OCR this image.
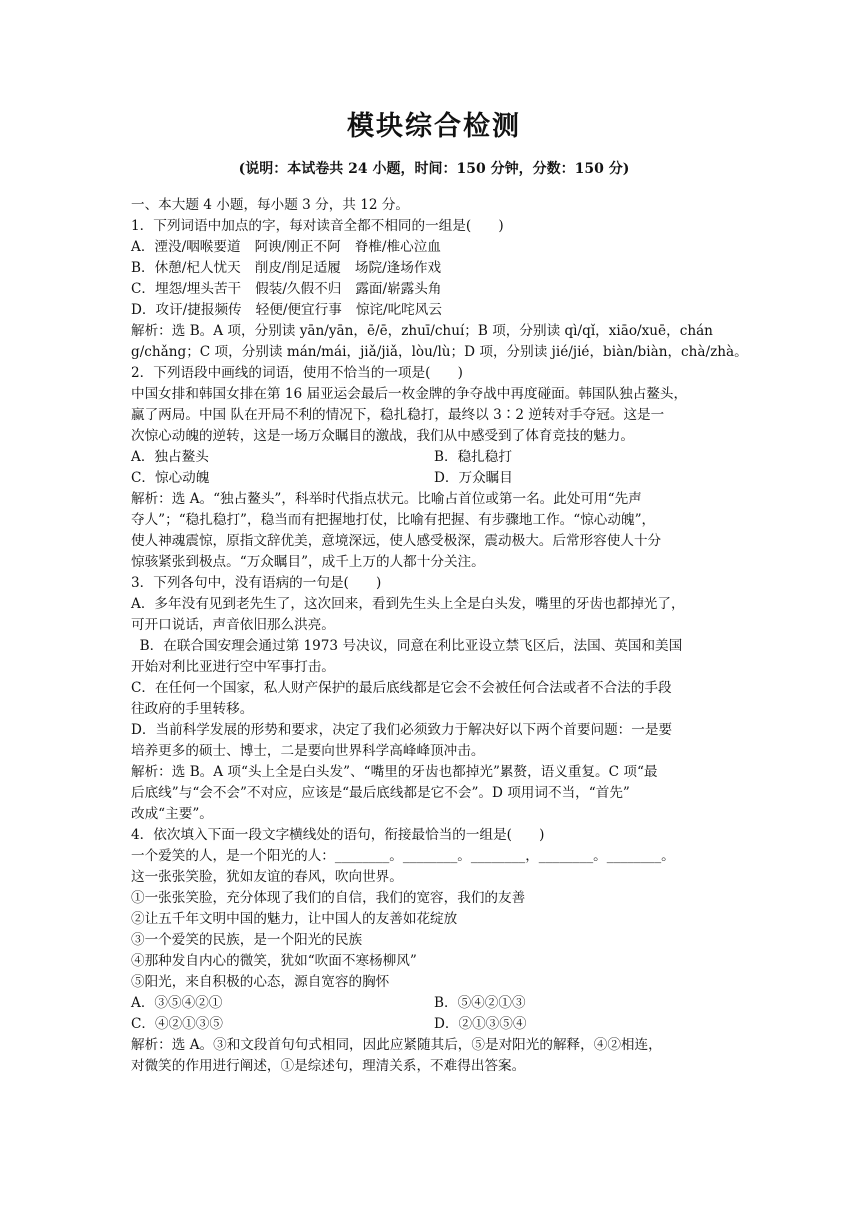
模块综合检测
(说明：本试卷共 24 小题，时间：150 分钟，分数：150 分)
一、本大题 4 小题，每小题 3 分，共 12 分。
1．下列词语中加点的字，每对读音全都不相同的一组是(　　)
A． 湮没/咽喉要道 阿谀/刚正不阿 脊椎/椎心泣血
B． 休憩/杞人忧天 削皮/削足适履 场院/逢场作戏
C． 埋怨/埋头苦干 假装/久假不归 露面/崭露头角
D． 攻讦/捷报频传 轻便/便宜行事 惊诧/叱咤风云
解析：选 B。A 项，分别读 yān/yān，ē/ē，zhuī/chuí；B 项，分别读 qì/qǐ，xiāo/xuē，chán
g/chǎng；C 项，分别读 mán/mái，jiǎ/jiǎ，lòu/lù；D 项，分别读 jié/jié，biàn/biàn，chà/zhà。
2．下列语段中画线的词语，使用不恰当的一项是(　　)
中国女排和韩国女排在第 16 届亚运会最后一枚金牌的争夺战中再度碰面。韩国队独占鳌头，
赢了两局。中国 队在开局不利的情况下，稳扎稳打，最终以 3∶2 逆转对手夺冠。这是一
次惊心动魄的逆转，这是一场万众瞩目的激战，我们从中感受到了体育竞技的魅力。
A．独占鳌头	B．稳扎稳打
C．惊心动魄	D．万众瞩目
解析：选 A。“独占鳌头”，科举时代指点状元。比喻占首位或第一名。此处可用“先声
夺人”；“稳扎稳打”，稳当而有把握地打仗，比喻有把握、有步骤地工作。“惊心动魄”，
使人神魂震惊，原指文辞优美，意境深远，使人感受极深，震动极大。后常形容使人十分
惊骇紧张到极点。“万众瞩目”，成千上万的人都十分关注。
3．下列各句中，没有语病的一句是(　　)
A．多年没有见到老先生了，这次回来，看到先生头上全是白头发，嘴里的牙齿也都掉光了，
可开口说话，声音依旧那么洪亮。
B．在联合国安理会通过第 1973 号决议，同意在利比亚设立禁飞区后，法国、英国和美国
开始对利比亚进行空中军事打击。
C．在任何一个国家，私人财产保护的最后底线都是它会不会被任何合法或者不合法的手段
往政府的手里转移。
D．当前科学发展的形势和要求，决定了我们必须致力于解决好以下两个首要问题：一是要
培养更多的硕士、博士，二是要向世界科学高峰峰顶冲击。
解析：选 B。A 项“头上全是白头发”、“嘴里的牙齿也都掉光”累赘，语义重复。C 项“最
后底线”与“会不会”不对应，应该是“最后底线都是它不会”。D 项用词不当，“首先”
改成“主要”。
4．依次填入下面一段文字横线处的语句，衔接最恰当的一组是(　　)
一个爱笑的人，是一个阳光的人：________。________。________，________。________。
这一张张笑脸，犹如友谊的春风，吹向世界。
①一张张笑脸，充分体现了我们的自信，我们的宽容，我们的友善
②让五千年文明中国的魅力，让中国人的友善如花绽放
③一个爱笑的民族，是一个阳光的民族
④那种发自内心的微笑，犹如“吹面不寒杨柳风”
⑤阳光，来自积极的心态，源自宽容的胸怀
A．③⑤④②①	B．⑤④②①③
C．④②①③⑤	D．②①③⑤④
解析：选 A。③和文段首句句式相同，因此应紧随其后，⑤是对阳光的解释，④②相连，
对微笑的作用进行阐述，①是综述句，理清关系，不难得出答案。
